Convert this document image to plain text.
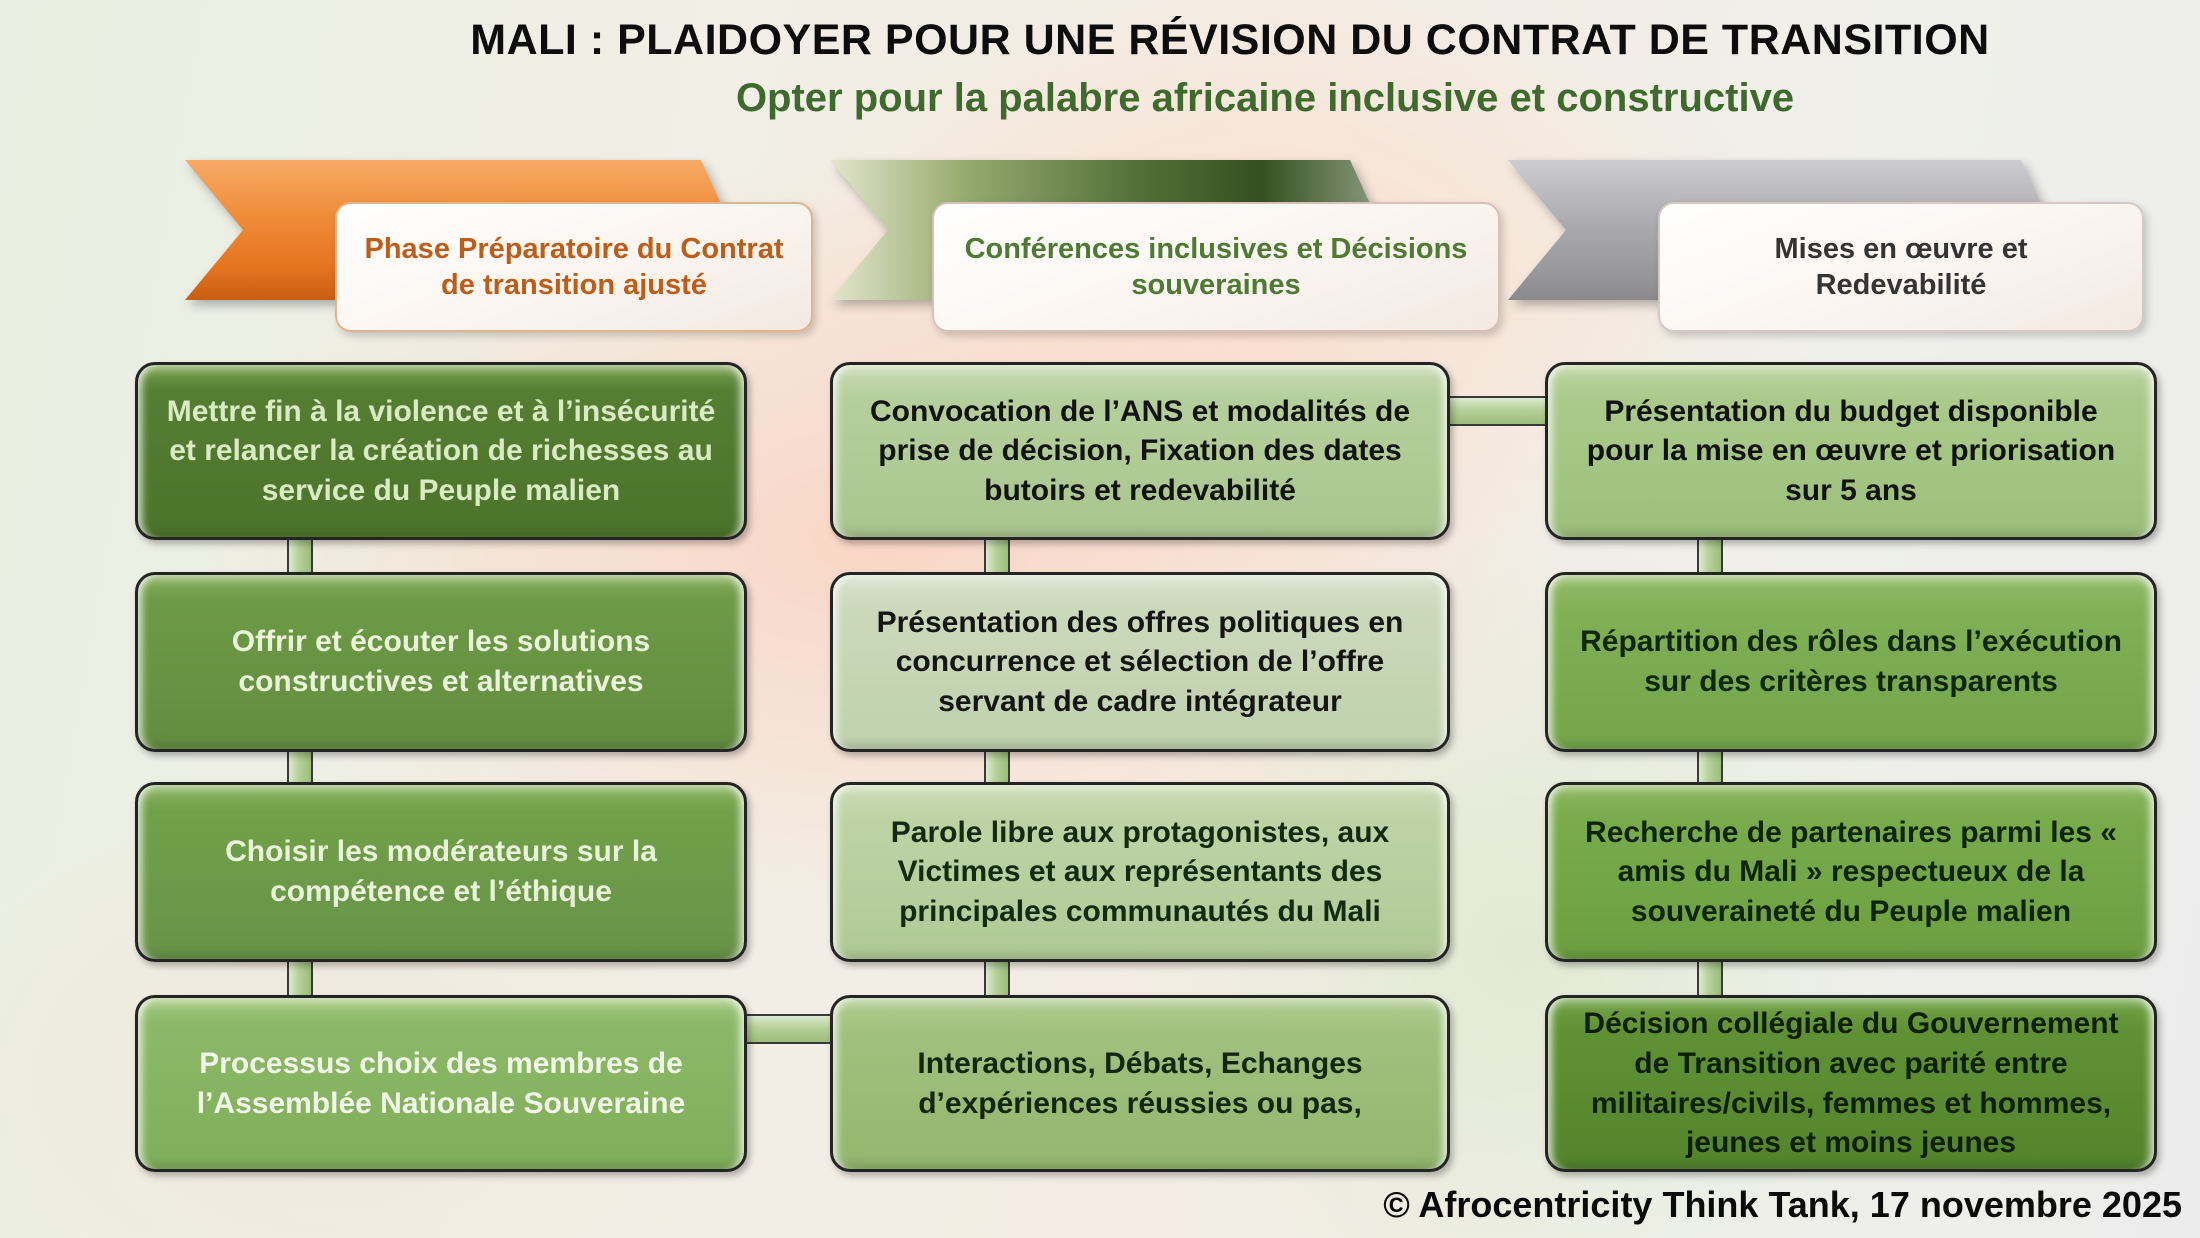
MALI : PLAIDOYER POUR UNE RÉVISION DU CONTRAT DE TRANSITION
Opter pour la palabre africaine inclusive et constructive
Phase Préparatoire du Contrat de transition ajusté
Conférences inclusives et Décisions souveraines
Mises en œuvre et Redevabilité
Mettre fin à la violence et à l’insécurité et relancer la création de richesses au service du Peuple malien
Offrir et écouter les solutions constructives et alternatives
Choisir les modérateurs sur la compétence et l’éthique
Processus choix des membres de l’Assemblée Nationale Souveraine
Convocation de l’ANS et modalités de prise de décision, Fixation des dates butoirs et redevabilité
Présentation des offres politiques en concurrence et sélection de l’offre servant de cadre intégrateur
Parole libre aux protagonistes, aux Victimes et aux représentants des principales communautés du Mali
Interactions, Débats, Echanges d’expériences réussies ou pas,
Présentation du budget disponible pour la mise en œuvre et priorisation sur 5 ans
Répartition des rôles dans l’exécution sur des critères transparents
Recherche de partenaires parmi les « amis du Mali » respectueux de la souveraineté du Peuple malien
Décision collégiale du Gouvernement de Transition avec parité entre militaires/civils, femmes et hommes, jeunes et moins jeunes
© Afrocentricity Think Tank, 17 novembre 2025
